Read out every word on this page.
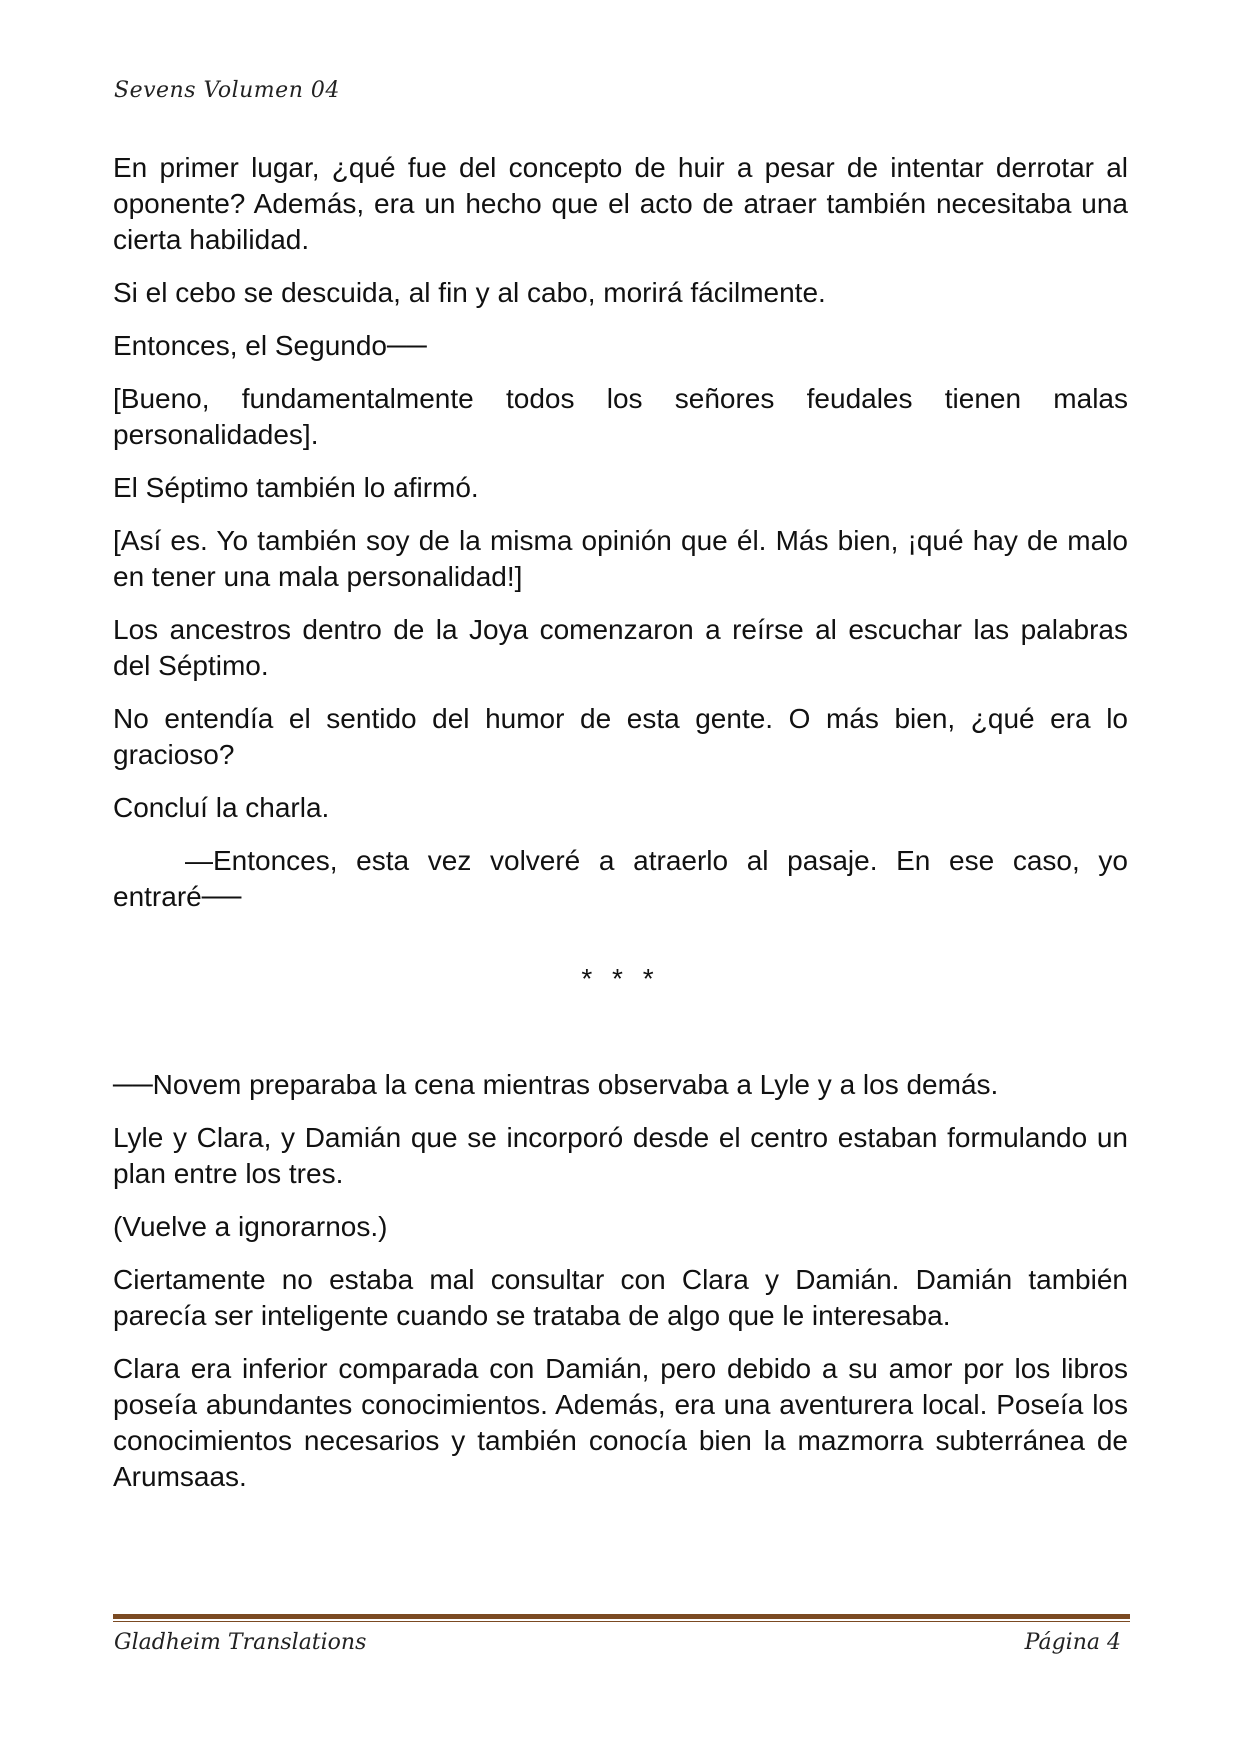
Sevens Volumen 04

En primer lugar, ¿qué fue del concepto de huir a pesar de intentar derrotar al oponente? Además, era un hecho que el acto de atraer también necesitaba una cierta habilidad.

Si el cebo se descuida, al fin y al cabo, morirá fácilmente.

Entonces, el Segundo──

[Bueno, fundamentalmente todos los señores feudales tienen malas personalidades].

El Séptimo también lo afirmó.

[Así es. Yo también soy de la misma opinión que él. Más bien, ¡qué hay de malo en tener una mala personalidad!]

Los ancestros dentro de la Joya comenzaron a reírse al escuchar las palabras del Séptimo.

No entendía el sentido del humor de esta gente. O más bien, ¿qué era lo gracioso?

Concluí la charla.

—Entonces, esta vez volveré a atraerlo al pasaje. En ese caso, yo entraré──

* * *

──Novem preparaba la cena mientras observaba a Lyle y a los demás.

Lyle y Clara, y Damián que se incorporó desde el centro estaban formulando un plan entre los tres.

(Vuelve a ignorarnos.)

Ciertamente no estaba mal consultar con Clara y Damián. Damián también parecía ser inteligente cuando se trataba de algo que le interesaba.

Clara era inferior comparada con Damián, pero debido a su amor por los libros poseía abundantes conocimientos. Además, era una aventurera local. Poseía los conocimientos necesarios y también conocía bien la mazmorra subterránea de Arumsaas.

Gladheim Translations	Página 4
